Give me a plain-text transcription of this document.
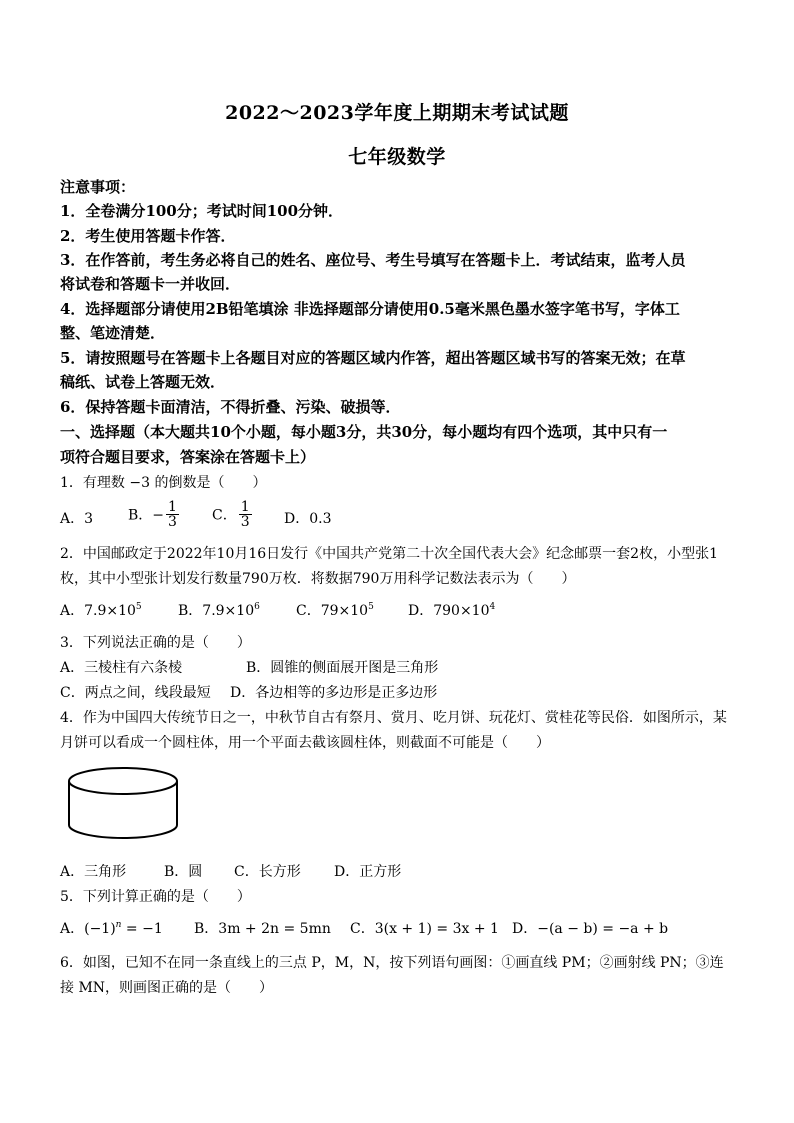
2022～2023学年度上期期末考试试题
七年级数学
注意事项：
1．全卷满分100分；考试时间100分钟．
2．考生使用答题卡作答．
3．在作答前，考生务必将自己的姓名、座位号、考生号填写在答题卡上．考试结束，监考人员
将试卷和答题卡一并收回．
4．选择题部分请使用2B铅笔填涂 非选择题部分请使用0.5毫米黑色墨水签字笔书写，字体工
整、笔迹清楚．
5．请按照题号在答题卡上各题目对应的答题区域内作答，超出答题区域书写的答案无效；在草
稿纸、试卷上答题无效．
6．保持答题卡面清洁，不得折叠、污染、破损等．
一、选择题（本大题共10个小题，每小题3分，共30分，每小题均有四个选项，其中只有一
项符合题目要求，答案涂在答题卡上）
1．有理数 −3 的倒数是（　　）
A．3 B．− $\frac{1}{3}$ C． $\frac{1}{3}$ D．0.3
2．中国邮政定于2022年10月16日发行《中国共产党第二十次全国代表大会》纪念邮票一套2枚，小型张1
枚，其中小型张计划发行数量790万枚．将数据790万用科学记数法表示为（　　）
A．$7.9\times 10^5$	B．$7.9\times 10^6$	C．$79\times 10^5$ D．$790\times 10^4$
3．下列说法正确的是（　　）
A．三棱柱有六条棱	B．圆锥的侧面展开图是三角形
C．两点之间，线段最短 D．各边相等的多边形是正多边形
4．作为中国四大传统节日之一，中秋节自古有祭月、赏月、吃月饼、玩花灯、赏桂花等民俗．如图所示，某
月饼可以看成一个圆柱体，用一个平面去截该圆柱体，则截面不可能是（　　）
A．三角形	B．圆 C．长方形 D．正方形
5．下列计算正确的是（　　）
A．$(-1)^n = -1$ B．3m + 2n = 5mn C．3(x + 1) = 3x + 1 D．−(a − b) = −a + b
6．如图，已知不在同一条直线上的三点 P，M，N，按下列语句画图：①画直线 PM；②画射线 PN；③连
接 MN，则画图正确的是（　　）
